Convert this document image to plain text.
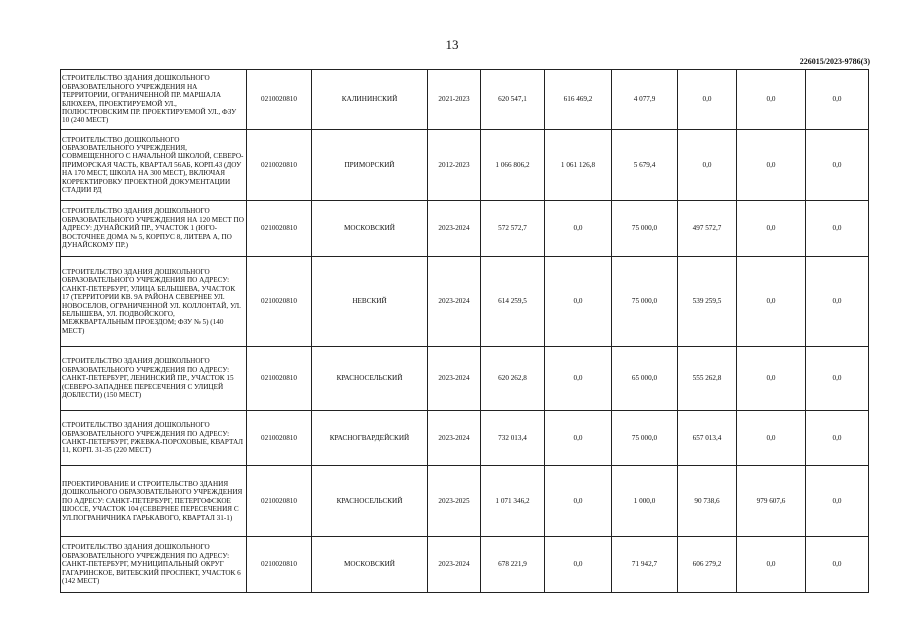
13
226015/2023-9786(3)
СТРОИТЕЛЬСТВО ЗДАНИЯ ДОШКОЛЬНОГО ОБРАЗОВАТЕЛЬНОГО УЧРЕЖДЕНИЯ НА ТЕРРИТОРИИ, ОГРАНИЧЕННОЙ ПР. МАРШАЛА БЛЮХЕРА, ПРОЕКТИРУЕМОЙ УЛ., ПОЛЮСТРОВСКИМ ПР. ПРОЕКТИРУЕМОЙ УЛ., ФЗУ 10 (240 МЕСТ)	0210020810	КАЛИНИНСКИЙ	2021-2023	620 547,1	616 469,2	4 077,9	0,0	0,0	0,0
СТРОИТЕЛЬСТВО ДОШКОЛЬНОГО ОБРАЗОВАТЕЛЬНОГО УЧРЕЖДЕНИЯ, СОВМЕЩЕННОГО С НАЧАЛЬНОЙ ШКОЛОЙ, СЕВЕРО-ПРИМОРСКАЯ ЧАСТЬ, КВАРТАЛ 56АБ, КОРП.43 (ДОУ НА 170 МЕСТ, ШКОЛА НА 300 МЕСТ), ВКЛЮЧАЯ КОРРЕКТИРОВКУ ПРОЕКТНОЙ ДОКУМЕНТАЦИИ СТАДИИ РД	0210020810	ПРИМОРСКИЙ	2012-2023	1 066 806,2	1 061 126,8	5 679,4	0,0	0,0	0,0
СТРОИТЕЛЬСТВО ЗДАНИЯ ДОШКОЛЬНОГО ОБРАЗОВАТЕЛЬНОГО УЧРЕЖДЕНИЯ НА 120 МЕСТ ПО АДРЕСУ: ДУНАЙСКИЙ ПР., УЧАСТОК 1 (ЮГО-ВОСТОЧНЕЕ ДОМА № 5, КОРПУС 8, ЛИТЕРА А, ПО ДУНАЙСКОМУ ПР.)	0210020810	МОСКОВСКИЙ	2023-2024	572 572,7	0,0	75 000,0	497 572,7	0,0	0,0
СТРОИТЕЛЬСТВО ЗДАНИЯ ДОШКОЛЬНОГО ОБРАЗОВАТЕЛЬНОГО УЧРЕЖДЕНИЯ ПО АДРЕСУ: САНКТ-ПЕТЕРБУРГ, УЛИЦА БЕЛЫШЕВА, УЧАСТОК 17 (ТЕРРИТОРИИ КВ. 9А РАЙОНА СЕВЕРНЕЕ УЛ. НОВОСЕЛОВ, ОГРАНИЧЕННОЙ УЛ. КОЛЛОНТАЙ, УЛ. БЕЛЫШЕВА, УЛ. ПОДВОЙСКОГО, МЕЖКВАРТАЛЬНЫМ ПРОЕЗДОМ; ФЗУ № 5) (140 МЕСТ)	0210020810	НЕВСКИЙ	2023-2024	614 259,5	0,0	75 000,0	539 259,5	0,0	0,0
СТРОИТЕЛЬСТВО ЗДАНИЯ ДОШКОЛЬНОГО ОБРАЗОВАТЕЛЬНОГО УЧРЕЖДЕНИЯ ПО АДРЕСУ: САНКТ-ПЕТЕРБУРГ, ЛЕНИНСКИЙ ПР., УЧАСТОК 15 (СЕВЕРО-ЗАПАДНЕЕ ПЕРЕСЕЧЕНИЯ С УЛИЦЕЙ ДОБЛЕСТИ) (150 МЕСТ)	0210020810	КРАСНОСЕЛЬСКИЙ	2023-2024	620 262,8	0,0	65 000,0	555 262,8	0,0	0,0
СТРОИТЕЛЬСТВО ЗДАНИЯ ДОШКОЛЬНОГО ОБРАЗОВАТЕЛЬНОГО УЧРЕЖДЕНИЯ ПО АДРЕСУ: САНКТ-ПЕТЕРБУРГ, РЖЕВКА-ПОРОХОВЫЕ, КВАРТАЛ 11, КОРП. 31-35 (220 МЕСТ)	0210020810	КРАСНОГВАРДЕЙСКИЙ	2023-2024	732 013,4	0,0	75 000,0	657 013,4	0,0	0,0
ПРОЕКТИРОВАНИЕ И СТРОИТЕЛЬСТВО ЗДАНИЯ ДОШКОЛЬНОГО ОБРАЗОВАТЕЛЬНОГО УЧРЕЖДЕНИЯ ПО АДРЕСУ: САНКТ-ПЕТЕРБУРГ, ПЕТЕРГОФСКОЕ ШОССЕ, УЧАСТОК 104 (СЕВЕРНЕЕ ПЕРЕСЕЧЕНИЯ С УЛ.ПОГРАНИЧНИКА ГАРЬКАВОГО, КВАРТАЛ 31-1)	0210020810	КРАСНОСЕЛЬСКИЙ	2023-2025	1 071 346,2	0,0	1 000,0	90 738,6	979 607,6	0,0
СТРОИТЕЛЬСТВО ЗДАНИЯ ДОШКОЛЬНОГО ОБРАЗОВАТЕЛЬНОГО УЧРЕЖДЕНИЯ ПО АДРЕСУ: САНКТ-ПЕТЕРБУРГ, МУНИЦИПАЛЬНЫЙ ОКРУГ ГАГАРИНСКОЕ, ВИТЕБСКИЙ ПРОСПЕКТ, УЧАСТОК 6 (142 МЕСТ)	0210020810	МОСКОВСКИЙ	2023-2024	678 221,9	0,0	71 942,7	606 279,2	0,0	0,0
